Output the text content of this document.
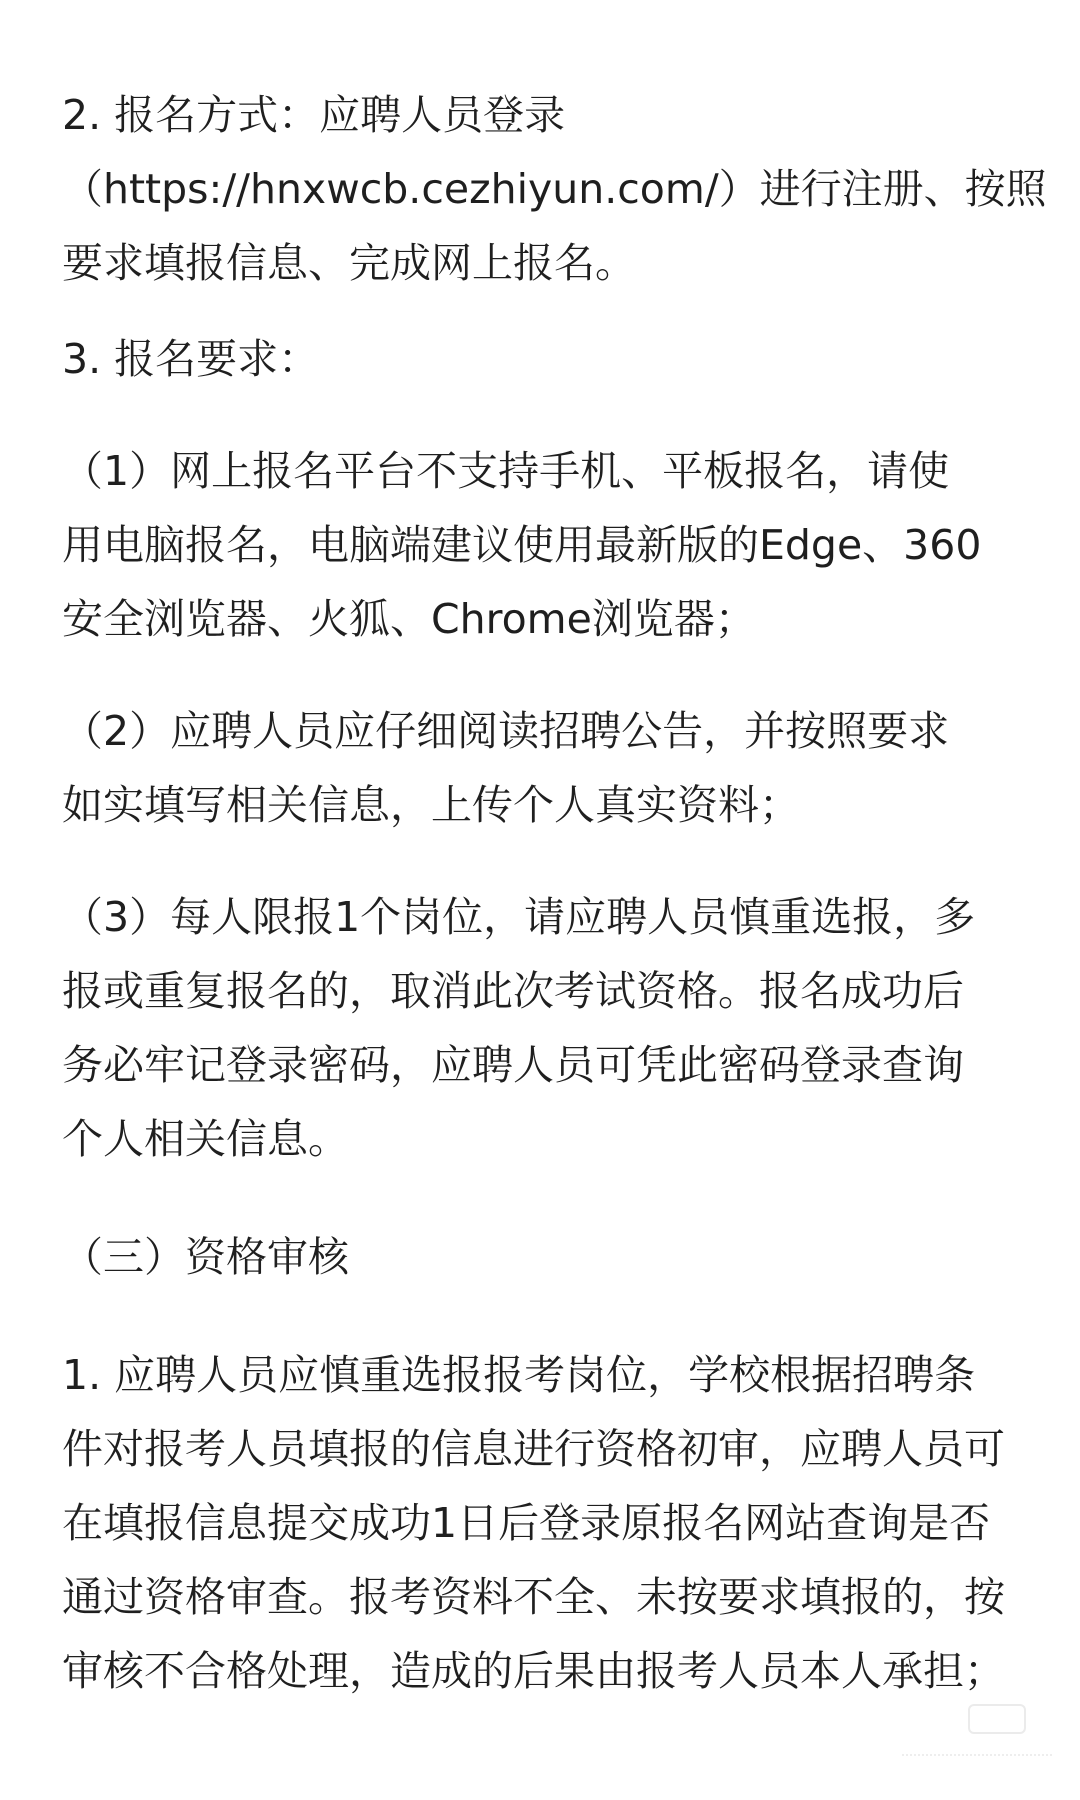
2. 报名方式：应聘人员登录
（https://hnxwcb.cezhiyun.com/）进行注册、按照
要求填报信息、完成网上报名。

3. 报名要求：

（1）网上报名平台不支持手机、平板报名，请使
用电脑报名，电脑端建议使用最新版的Edge、360
安全浏览器、火狐、Chrome浏览器；

（2）应聘人员应仔细阅读招聘公告，并按照要求
如实填写相关信息，上传个人真实资料；

（3）每人限报1个岗位，请应聘人员慎重选报，多
报或重复报名的，取消此次考试资格。报名成功后
务必牢记登录密码，应聘人员可凭此密码登录查询
个人相关信息。

（三）资格审核

1. 应聘人员应慎重选报报考岗位，学校根据招聘条
件对报考人员填报的信息进行资格初审，应聘人员可
在填报信息提交成功1日后登录原报名网站查询是否
通过资格审查。报考资料不全、未按要求填报的，按
审核不合格处理，造成的后果由报考人员本人承担；
